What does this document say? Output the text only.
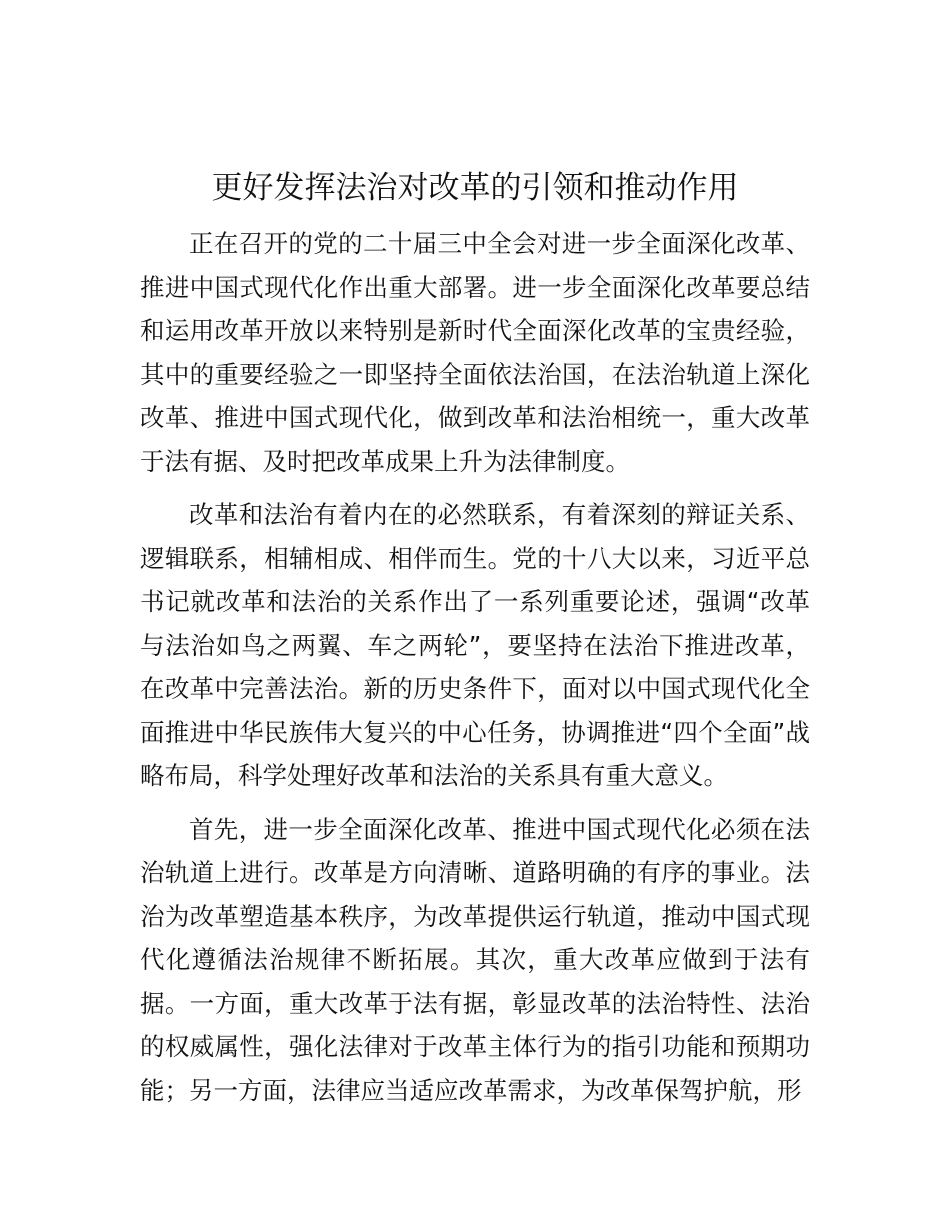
更好发挥法治对改革的引领和推动作用

正在召开的党的二十届三中全会对进一步全面深化改革、推进中国式现代化作出重大部署。进一步全面深化改革要总结和运用改革开放以来特别是新时代全面深化改革的宝贵经验，其中的重要经验之一即坚持全面依法治国，在法治轨道上深化改革、推进中国式现代化，做到改革和法治相统一，重大改革于法有据、及时把改革成果上升为法律制度。

改革和法治有着内在的必然联系，有着深刻的辩证关系、逻辑联系，相辅相成、相伴而生。党的十八大以来，习近平总书记就改革和法治的关系作出了一系列重要论述，强调“改革与法治如鸟之两翼、车之两轮”，要坚持在法治下推进改革，在改革中完善法治。新的历史条件下，面对以中国式现代化全面推进中华民族伟大复兴的中心任务，协调推进“四个全面”战略布局，科学处理好改革和法治的关系具有重大意义。

首先，进一步全面深化改革、推进中国式现代化必须在法治轨道上进行。改革是方向清晰、道路明确的有序的事业。法治为改革塑造基本秩序，为改革提供运行轨道，推动中国式现代化遵循法治规律不断拓展。其次，重大改革应做到于法有据。一方面，重大改革于法有据，彰显改革的法治特性、法治的权威属性，强化法律对于改革主体行为的指引功能和预期功能；另一方面，法律应当适应改革需求，为改革保驾护航，形
